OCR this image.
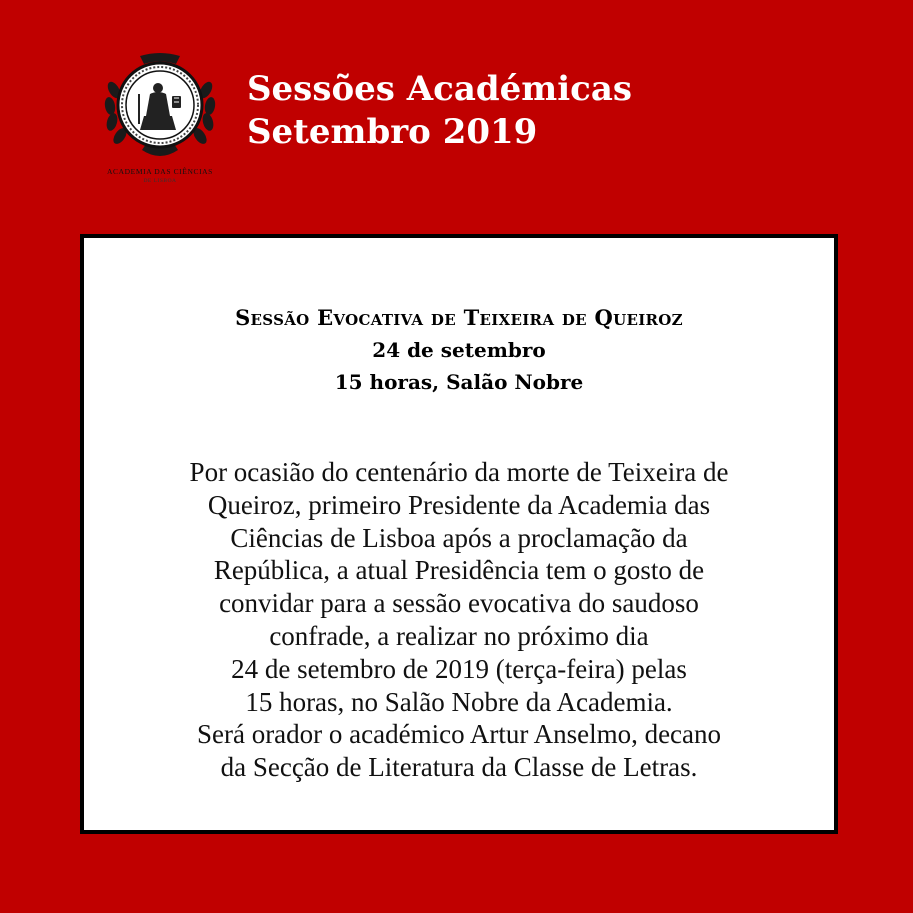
ACADEMIA DAS CIÊNCIAS
DE LISBOA
Sessões Académicas
Setembro 2019
Sessão Evocativa de Teixeira de Queiroz
24 de setembro
15 horas, Salão Nobre
Por ocasião do centenário da morte de Teixeira de
Queiroz, primeiro Presidente da Academia das
Ciências de Lisboa após a proclamação da
República, a atual Presidência tem o gosto de
convidar para a sessão evocativa do saudoso
confrade, a realizar no próximo dia
24 de setembro de 2019 (terça-feira) pelas
15 horas, no Salão Nobre da Academia.
Será orador o académico Artur Anselmo, decano
da Secção de Literatura da Classe de Letras.
